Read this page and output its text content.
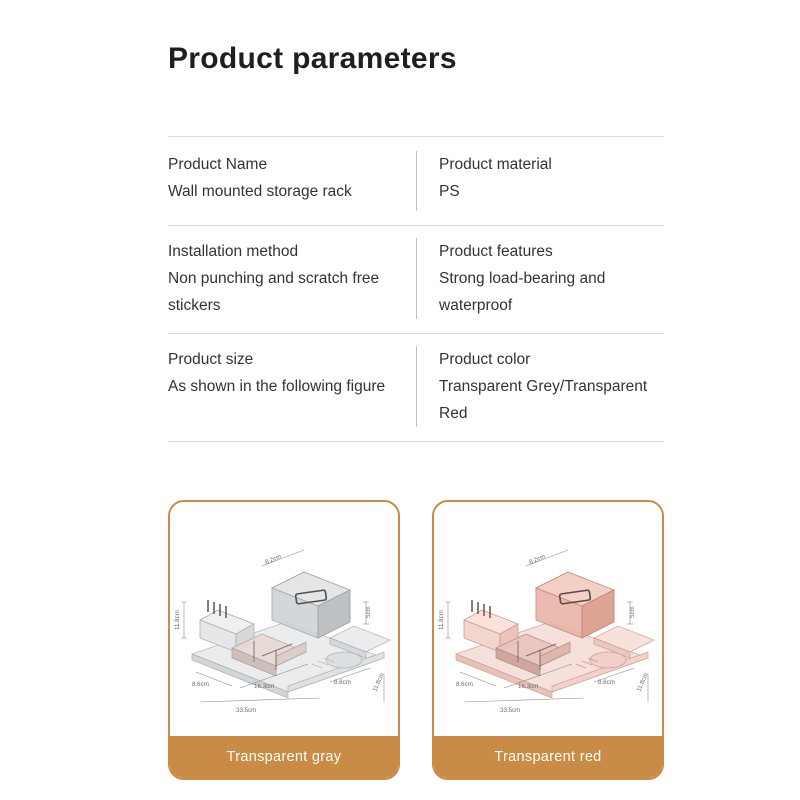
Product parameters
Product Name
Wall mounted storage rack
Product material
PS
Installation method
Non punching and scratch free stickers
Product features
Strong load-bearing and waterproof
Product size
As shown in the following figure
Product color
Transparent Grey/Transparent Red
11.8cm
8.2cm
5cm
8.6cm	16.3cm
33.5cm
8.6cm	11.8cm
Transparent gray
11.8cm
8.2cm
5cm
8.6cm	16.3cm
33.5cm
8.6cm	11.8cm
Transparent red
